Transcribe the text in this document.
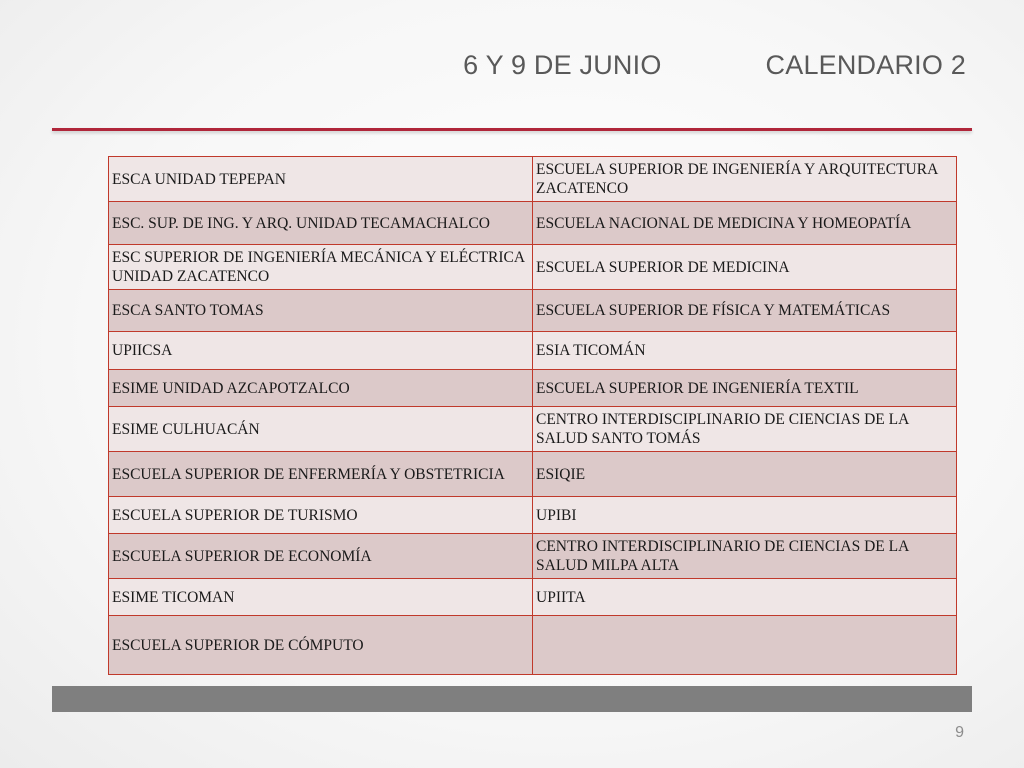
6 Y 9 DE JUNIO	CALENDARIO 2
ESCA UNIDAD TEPEPAN	ESCUELA SUPERIOR DE INGENIERÍA Y ARQUITECTURA ZACATENCO
ESC. SUP. DE ING. Y ARQ. UNIDAD TECAMACHALCO	ESCUELA NACIONAL DE MEDICINA Y HOMEOPATÍA
ESC SUPERIOR DE INGENIERÍA MECÁNICA Y ELÉCTRICA UNIDAD ZACATENCO	ESCUELA SUPERIOR DE MEDICINA
ESCA SANTO TOMAS	ESCUELA SUPERIOR DE FÍSICA Y MATEMÁTICAS
UPIICSA	ESIA TICOMÁN
ESIME UNIDAD AZCAPOTZALCO	ESCUELA SUPERIOR DE INGENIERÍA TEXTIL
ESIME CULHUACÁN	CENTRO INTERDISCIPLINARIO DE CIENCIAS DE LA SALUD SANTO TOMÁS
ESCUELA SUPERIOR DE ENFERMERÍA Y OBSTETRICIA	ESIQIE
ESCUELA SUPERIOR DE TURISMO	UPIBI
ESCUELA SUPERIOR DE ECONOMÍA	CENTRO INTERDISCIPLINARIO DE CIENCIAS DE LA SALUD MILPA ALTA
ESIME TICOMAN	UPIITA
ESCUELA SUPERIOR DE CÓMPUTO	
9
